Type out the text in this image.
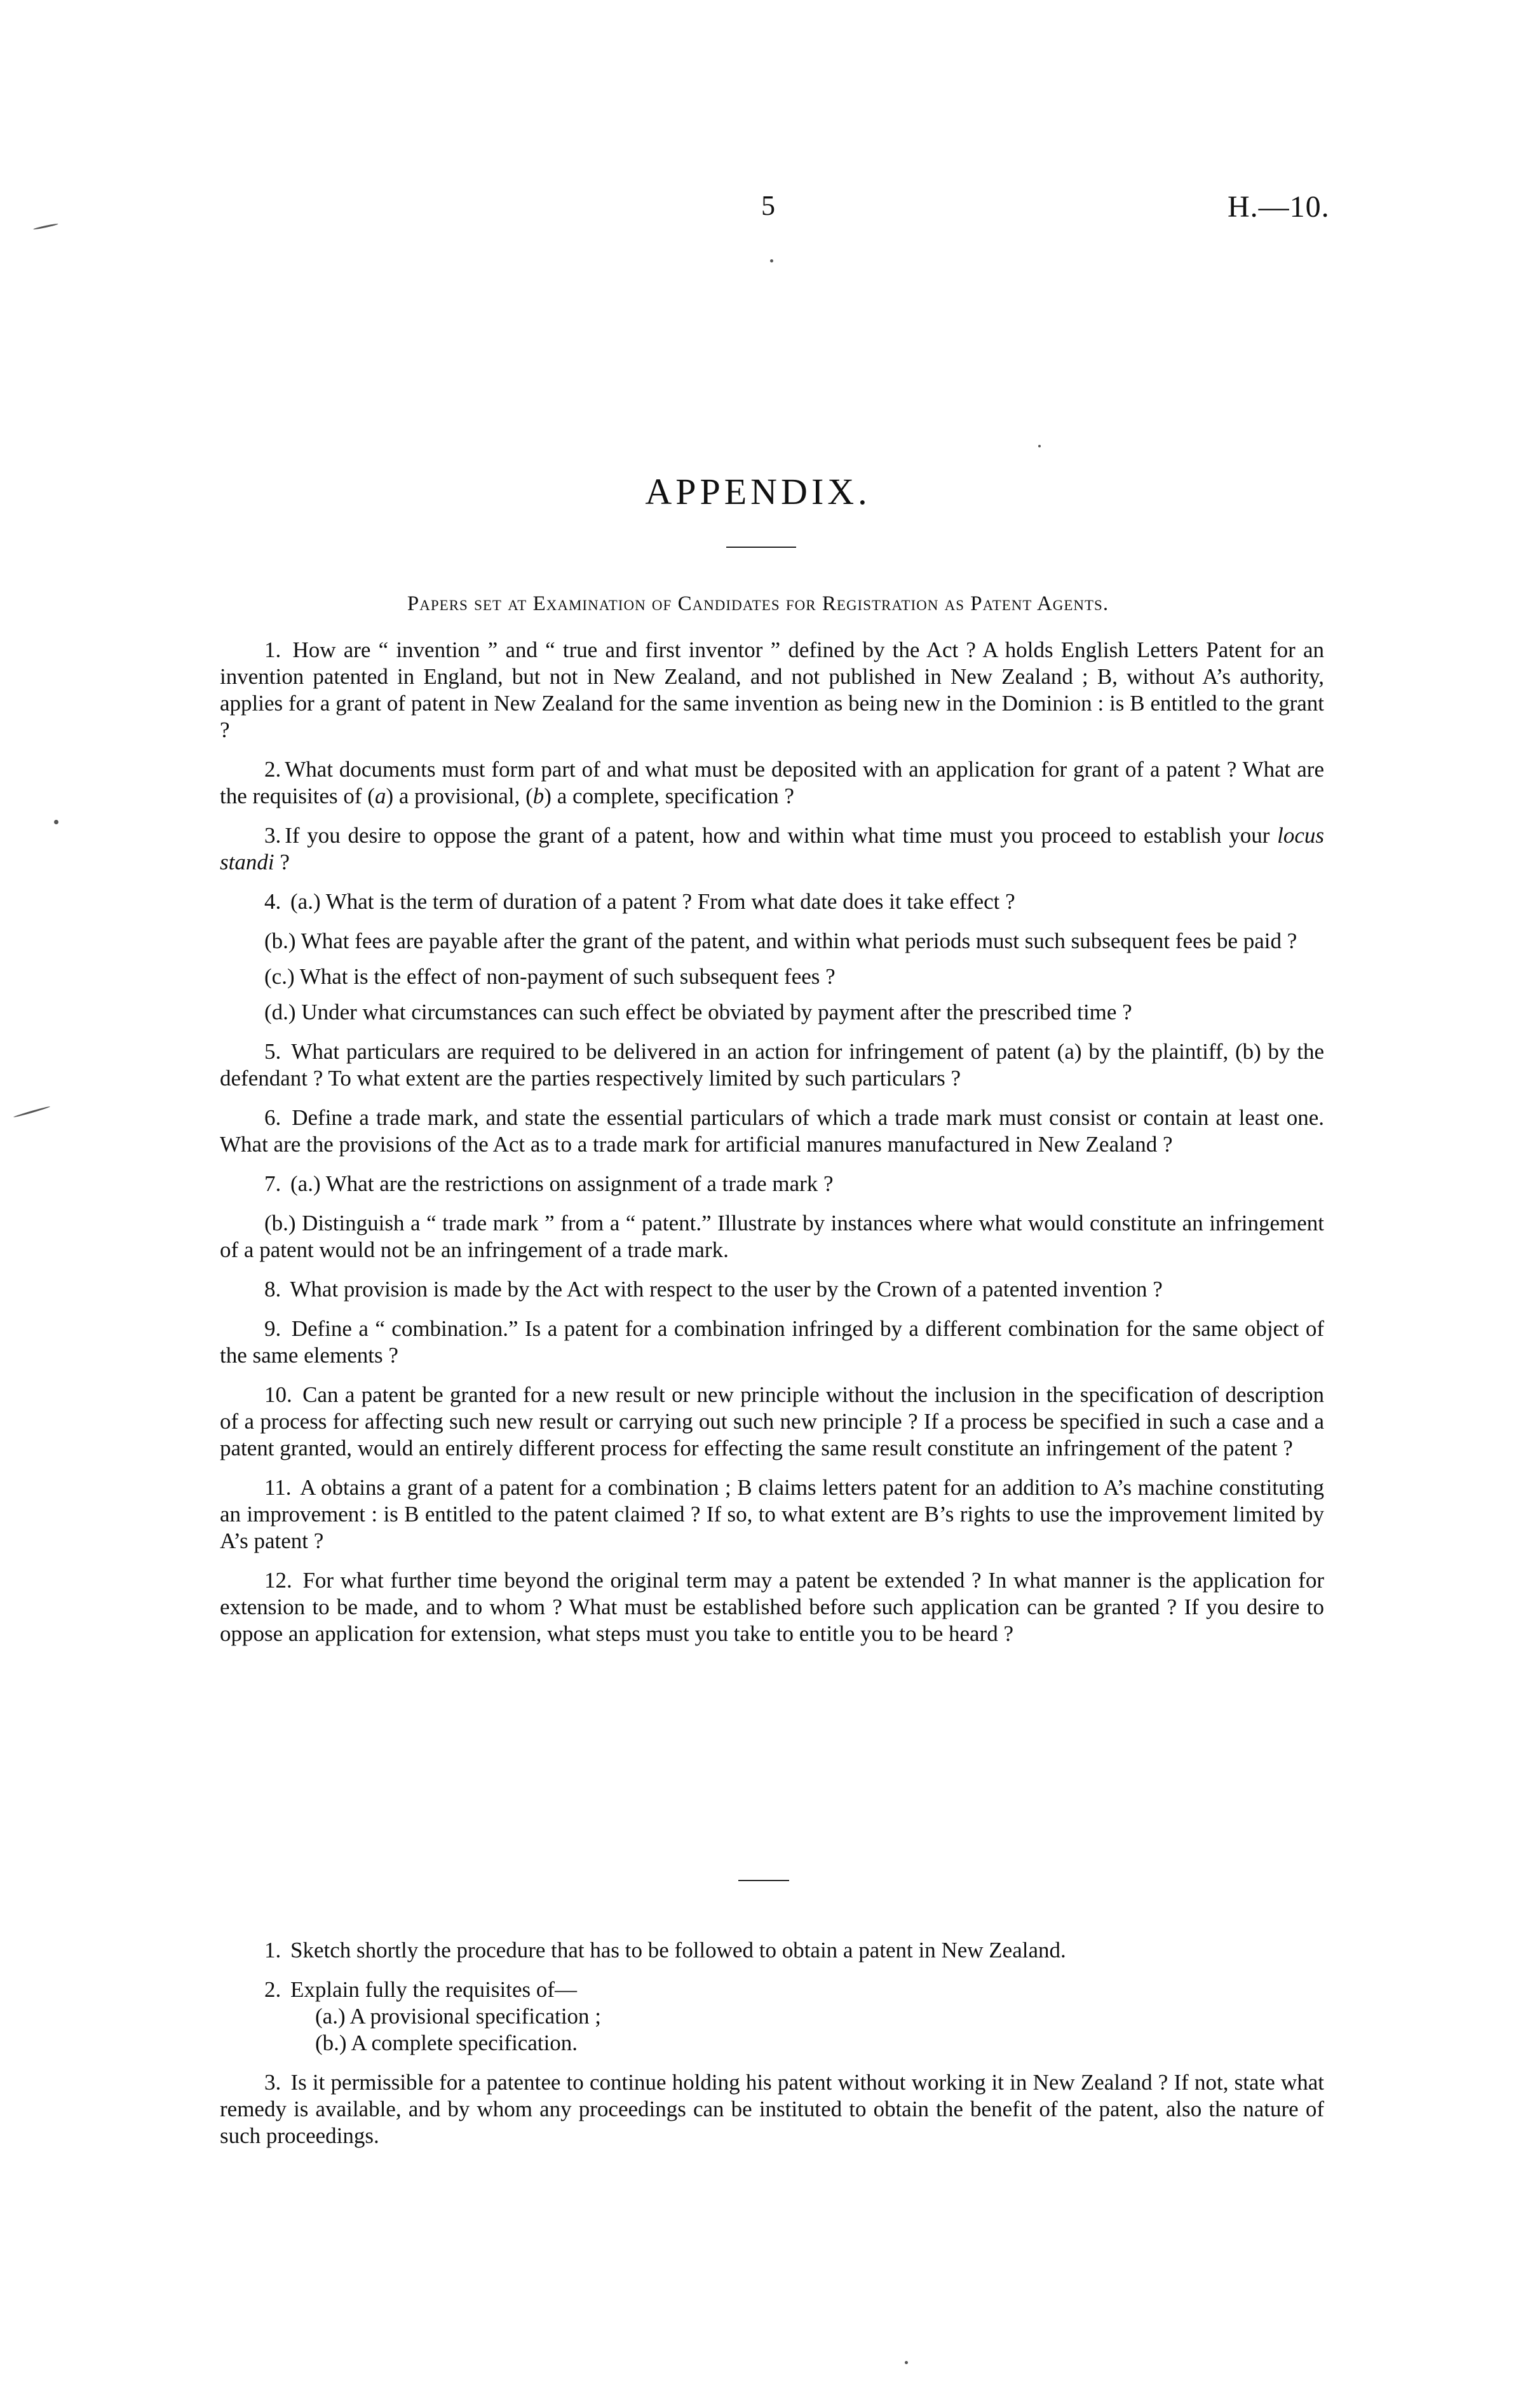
5	H.—10.
APPENDIX.
Papers set at Examination of Candidates for Registration as Patent Agents.

1. How are “ invention ” and “ true and first inventor ” defined by the Act ? A holds English Letters Patent for an invention patented in England, but not in New Zealand, and not published in New Zealand ; B, without A’s authority, applies for a grant of patent in New Zealand for the same invention as being new in the Dominion : is B entitled to the grant ?

2. What documents must form part of and what must be deposited with an application for grant of a patent ? What are the requisites of (a) a provisional, (b) a complete, specification ?

3. If you desire to oppose the grant of a patent, how and within what time must you proceed to establish your locus standi ?

4. (a.) What is the term of duration of a patent ? From what date does it take effect ?

(b.) What fees are payable after the grant of the patent, and within what periods must such subsequent fees be paid ?

(c.) What is the effect of non-payment of such subsequent fees ?

(d.) Under what circumstances can such effect be obviated by payment after the prescribed time ?

5. What particulars are required to be delivered in an action for infringement of patent (a) by the plaintiff, (b) by the defendant ? To what extent are the parties respectively limited by such particulars ?

6. Define a trade mark, and state the essential particulars of which a trade mark must consist or contain at least one. What are the provisions of the Act as to a trade mark for artificial manures manufactured in New Zealand ?

7. (a.) What are the restrictions on assignment of a trade mark ?

(b.) Distinguish a “ trade mark ” from a “ patent.” Illustrate by instances where what would constitute an infringement of a patent would not be an infringement of a trade mark.

8. What provision is made by the Act with respect to the user by the Crown of a patented invention ?

9. Define a “ combination.” Is a patent for a combination infringed by a different combination for the same object of the same elements ?

10. Can a patent be granted for a new result or new principle without the inclusion in the specification of description of a process for affecting such new result or carrying out such new principle ? If a process be specified in such a case and a patent granted, would an entirely different process for effecting the same result constitute an infringement of the patent ?

11. A obtains a grant of a patent for a combination ; B claims letters patent for an addition to A’s machine constituting an improvement : is B entitled to the patent claimed ? If so, to what extent are B’s rights to use the improvement limited by A’s patent ?

12. For what further time beyond the original term may a patent be extended ? In what manner is the application for extension to be made, and to whom ? What must be established before such application can be granted ? If you desire to oppose an application for extension, what steps must you take to entitle you to be heard ?

1. Sketch shortly the procedure that has to be followed to obtain a patent in New Zealand.

2. Explain fully the requisites of—

(a.) A provisional specification ;

(b.) A complete specification.

3. Is it permissible for a patentee to continue holding his patent without working it in New Zealand ? If not, state what remedy is available, and by whom any proceedings can be instituted to obtain the benefit of the patent, also the nature of such proceedings.
